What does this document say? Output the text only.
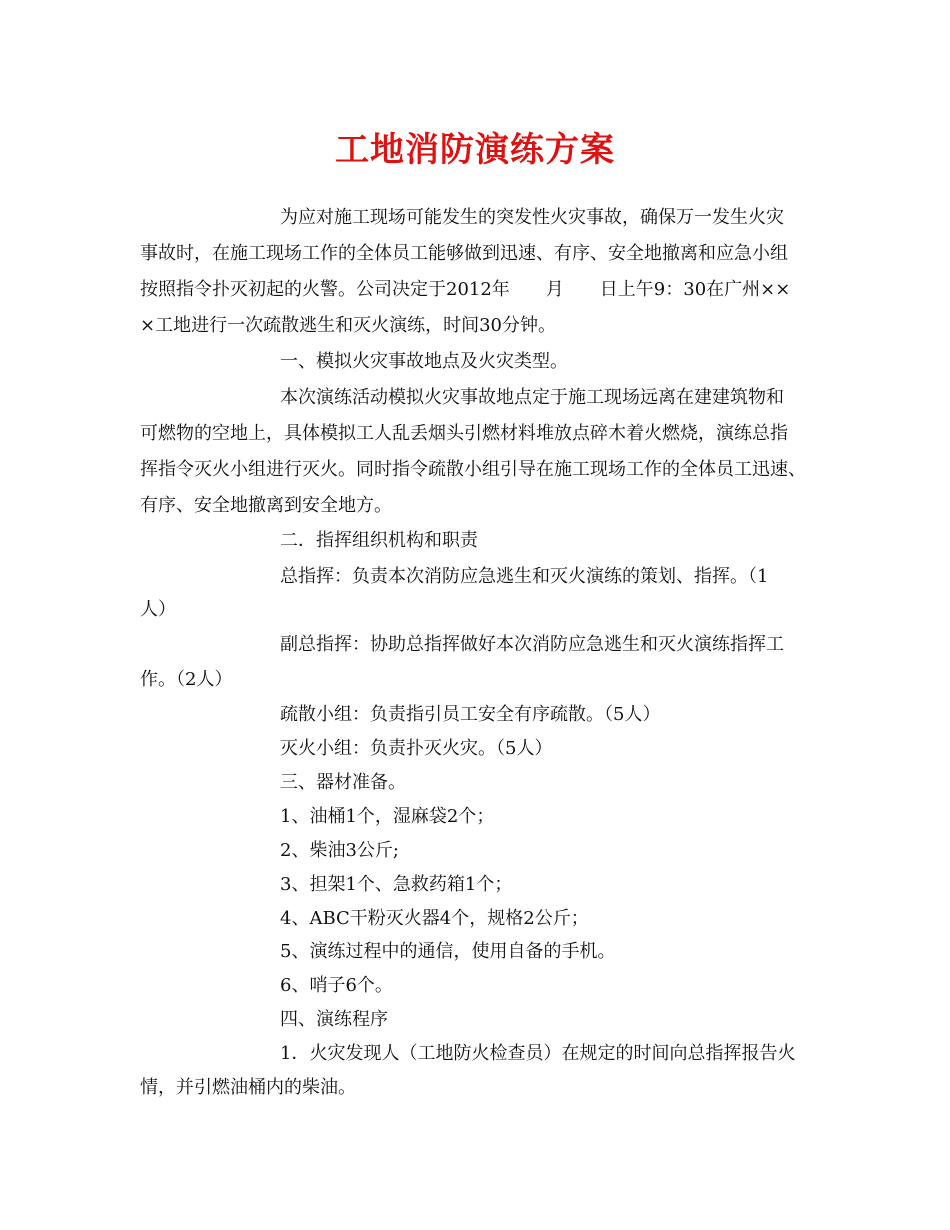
工地消防演练方案
为应对施工现场可能发生的突发性火灾事故，确保万一发生火灾
事故时，在施工现场工作的全体员工能够做到迅速、有序、安全地撤离和应急小组
按照指令扑灭初起的火警。公司决定于2012年　　月　　日上午9：30在广州××
×工地进行一次疏散逃生和灭火演练，时间30分钟。
一、模拟火灾事故地点及火灾类型。
本次演练活动模拟火灾事故地点定于施工现场远离在建建筑物和
可燃物的空地上，具体模拟工人乱丢烟头引燃材料堆放点碎木着火燃烧，演练总指
挥指令灭火小组进行灭火。同时指令疏散小组引导在施工现场工作的全体员工迅速、
有序、安全地撤离到安全地方。
二．指挥组织机构和职责
总指挥：负责本次消防应急逃生和灭火演练的策划、指挥。（1
人）
副总指挥：协助总指挥做好本次消防应急逃生和灭火演练指挥工
作。（2人）
疏散小组：负责指引员工安全有序疏散。（5人）
灭火小组：负责扑灭火灾。（5人）
三、器材准备。
1、油桶1个，湿麻袋2个；
2、柴油3公斤;
3、担架1个、急救药箱1个；
4、ABC干粉灭火器4个，规格2公斤；
5、演练过程中的通信，使用自备的手机。
6、哨子6个。
四、演练程序
1．火灾发现人（工地防火检查员）在规定的时间向总指挥报告火
情，并引燃油桶内的柴油。
